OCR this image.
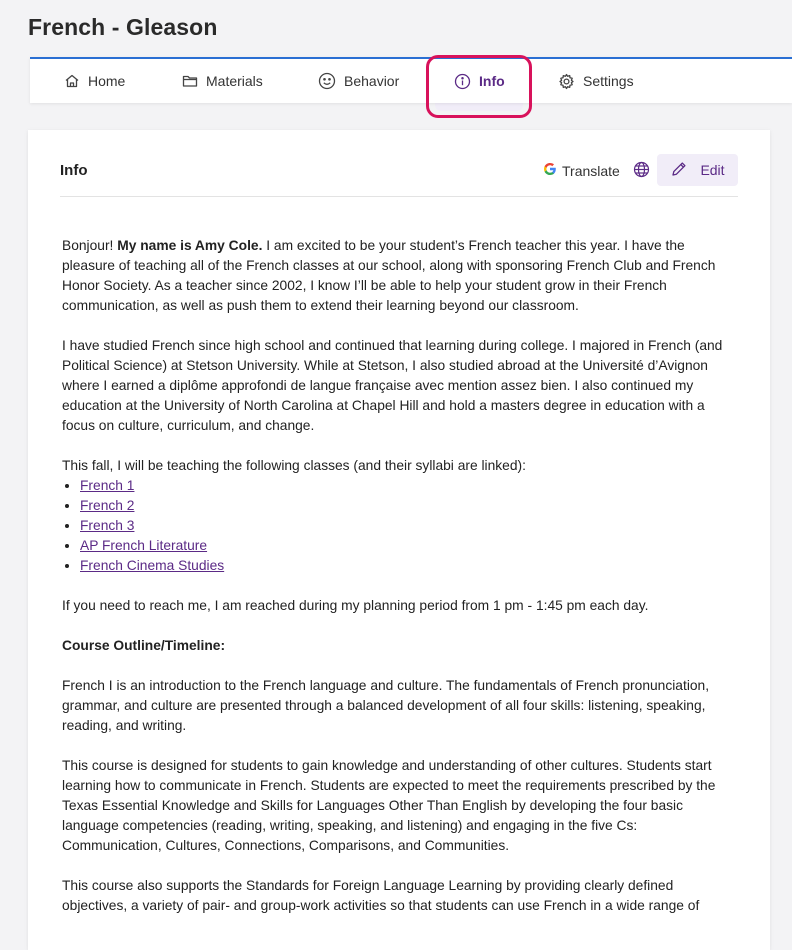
French - Gleason
Home	Materials	Behavior	Info	Settings
Info	Translate	Edit

Bonjour! My name is Amy Cole. I am excited to be your student’s French teacher this year. I have the pleasure of teaching all of the French classes at our school, along with sponsoring French Club and French Honor Society. As a teacher since 2002, I know I’ll be able to help your student grow in their French communication, as well as push them to extend their learning beyond our classroom.

I have studied French since high school and continued that learning during college. I majored in French (and Political Science) at Stetson University. While at Stetson, I also studied abroad at the Université d’Avignon where I earned a diplôme approfondi de langue française avec mention assez bien. I also continued my education at the University of North Carolina at Chapel Hill and hold a masters degree in education with a focus on culture, curriculum, and change.

This fall, I will be teaching the following classes (and their syllabi are linked):
• French 1
• French 2
• French 3
• AP French Literature
• French Cinema Studies

If you need to reach me, I am reached during my planning period from 1 pm - 1:45 pm each day.

Course Outline/Timeline:

French I is an introduction to the French language and culture. The fundamentals of French pronunciation, grammar, and culture are presented through a balanced development of all four skills: listening, speaking, reading, and writing.

This course is designed for students to gain knowledge and understanding of other cultures. Students start learning how to communicate in French. Students are expected to meet the requirements prescribed by the Texas Essential Knowledge and Skills for Languages Other Than English by developing the four basic language competencies (reading, writing, speaking, and listening) and engaging in the five Cs: Communication, Cultures, Connections, Comparisons, and Communities.

This course also supports the Standards for Foreign Language Learning by providing clearly defined objectives, a variety of pair- and group-work activities so that students can use French in a wide range of
